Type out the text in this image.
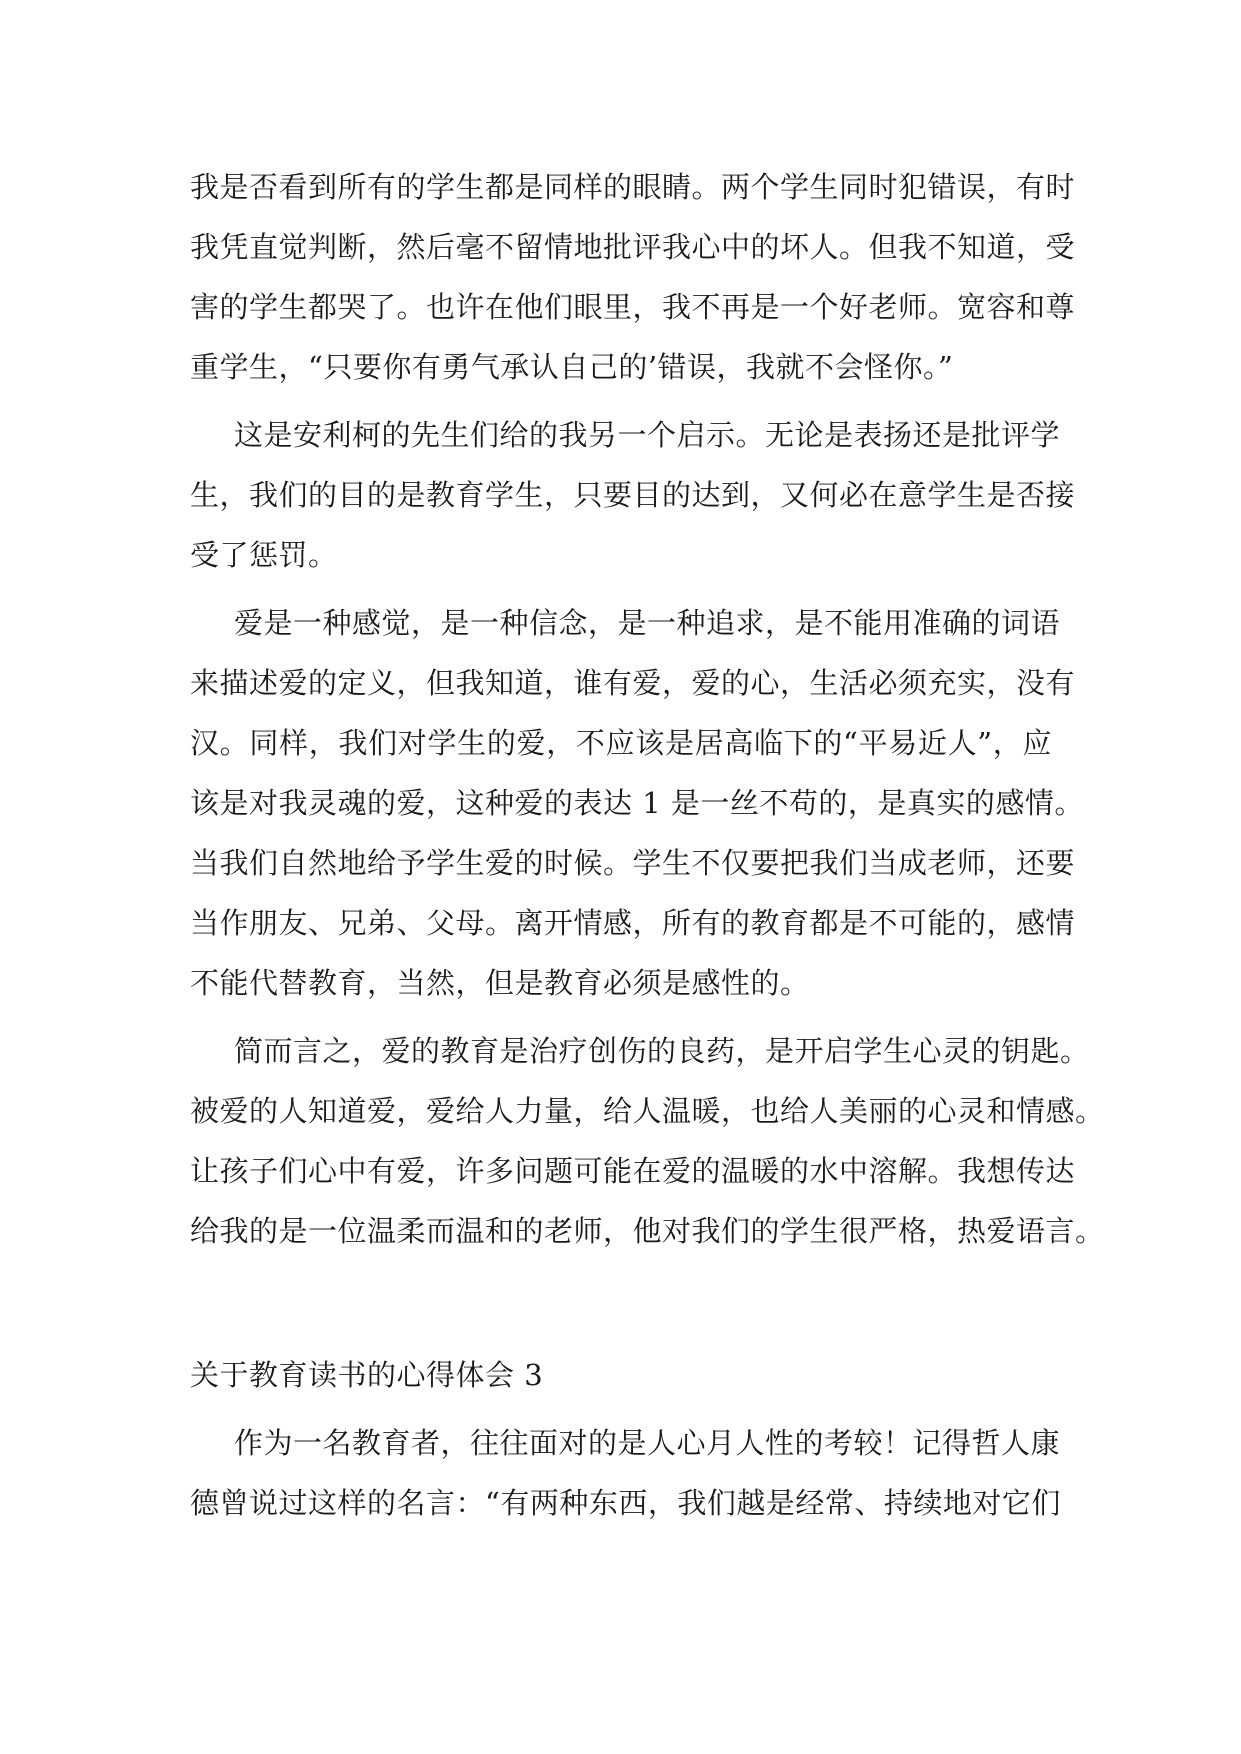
我是否看到所有的学生都是同样的眼睛。两个学生同时犯错误，有时
我凭直觉判断，然后毫不留情地批评我心中的坏人。但我不知道，受
害的学生都哭了。也许在他们眼里，我不再是一个好老师。宽容和尊
重学生，“只要你有勇气承认自己的’错误，我就不会怪你。”
这是安利柯的先生们给的我另一个启示。无论是表扬还是批评学
生，我们的目的是教育学生，只要目的达到，又何必在意学生是否接
受了惩罚。
爱是一种感觉，是一种信念，是一种追求，是不能用准确的词语
来描述爱的定义，但我知道，谁有爱，爱的心，生活必须充实，没有
汉。同样，我们对学生的爱，不应该是居高临下的“平易近人”，应
该是对我灵魂的爱，这种爱的表达 1 是一丝不苟的，是真实的感情。
当我们自然地给予学生爱的时候。学生不仅要把我们当成老师，还要
当作朋友、兄弟、父母。离开情感，所有的教育都是不可能的，感情
不能代替教育，当然，但是教育必须是感性的。
简而言之，爱的教育是治疗创伤的良药，是开启学生心灵的钥匙。
被爱的人知道爱，爱给人力量，给人温暖，也给人美丽的心灵和情感。
让孩子们心中有爱，许多问题可能在爱的温暖的水中溶解。我想传达
给我的是一位温柔而温和的老师，他对我们的学生很严格，热爱语言。
关于教育读书的心得体会 3
作为一名教育者，往往面对的是人心月人性的考较！记得哲人康
德曾说过这样的名言：“有两种东西，我们越是经常、持续地对它们
